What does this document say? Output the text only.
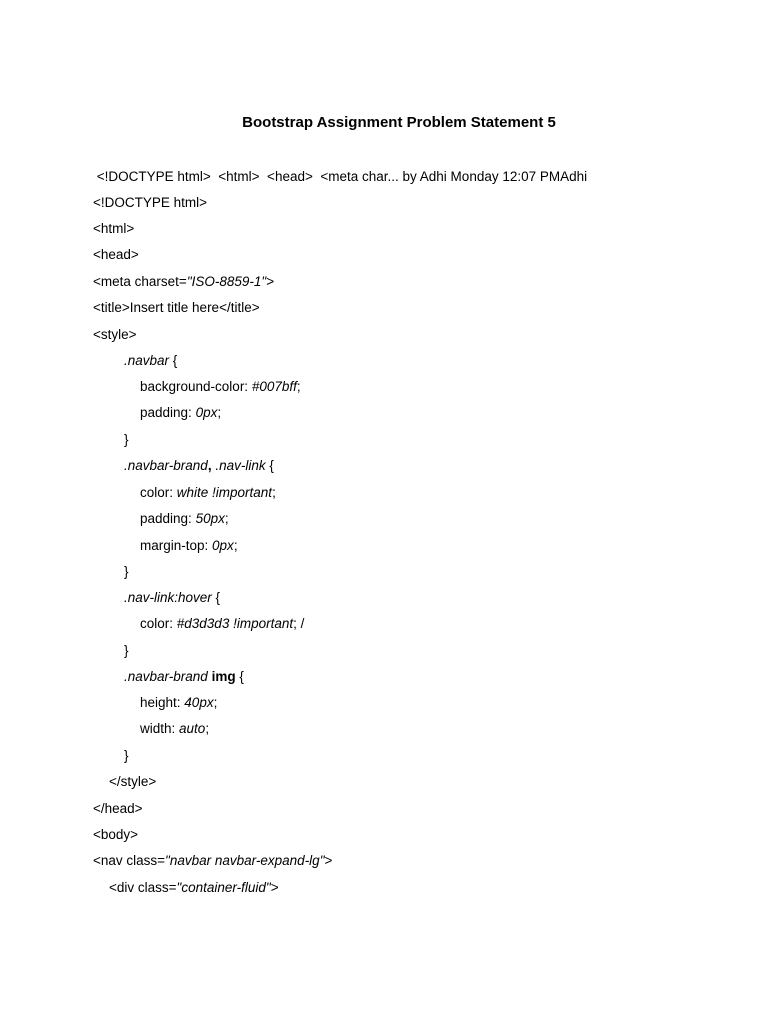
Bootstrap Assignment Problem Statement 5
<!DOCTYPE html>  <html>  <head>  <meta char... by Adhi Monday 12:07 PMAdhi
<!DOCTYPE html>
<html>
<head>
<meta charset="ISO-8859-1">
<title>Insert title here</title>
<style>
.navbar {
background-color: #007bff;
padding: 0px;
}
.navbar-brand, .nav-link {
color: white !important;
padding: 50px;
margin-top: 0px;
}
.nav-link:hover {
color: #d3d3d3 !important; /
}
.navbar-brand img {
height: 40px;
width: auto;
}
</style>
</head>
<body>
<nav class="navbar navbar-expand-lg">
<div class="container-fluid">
